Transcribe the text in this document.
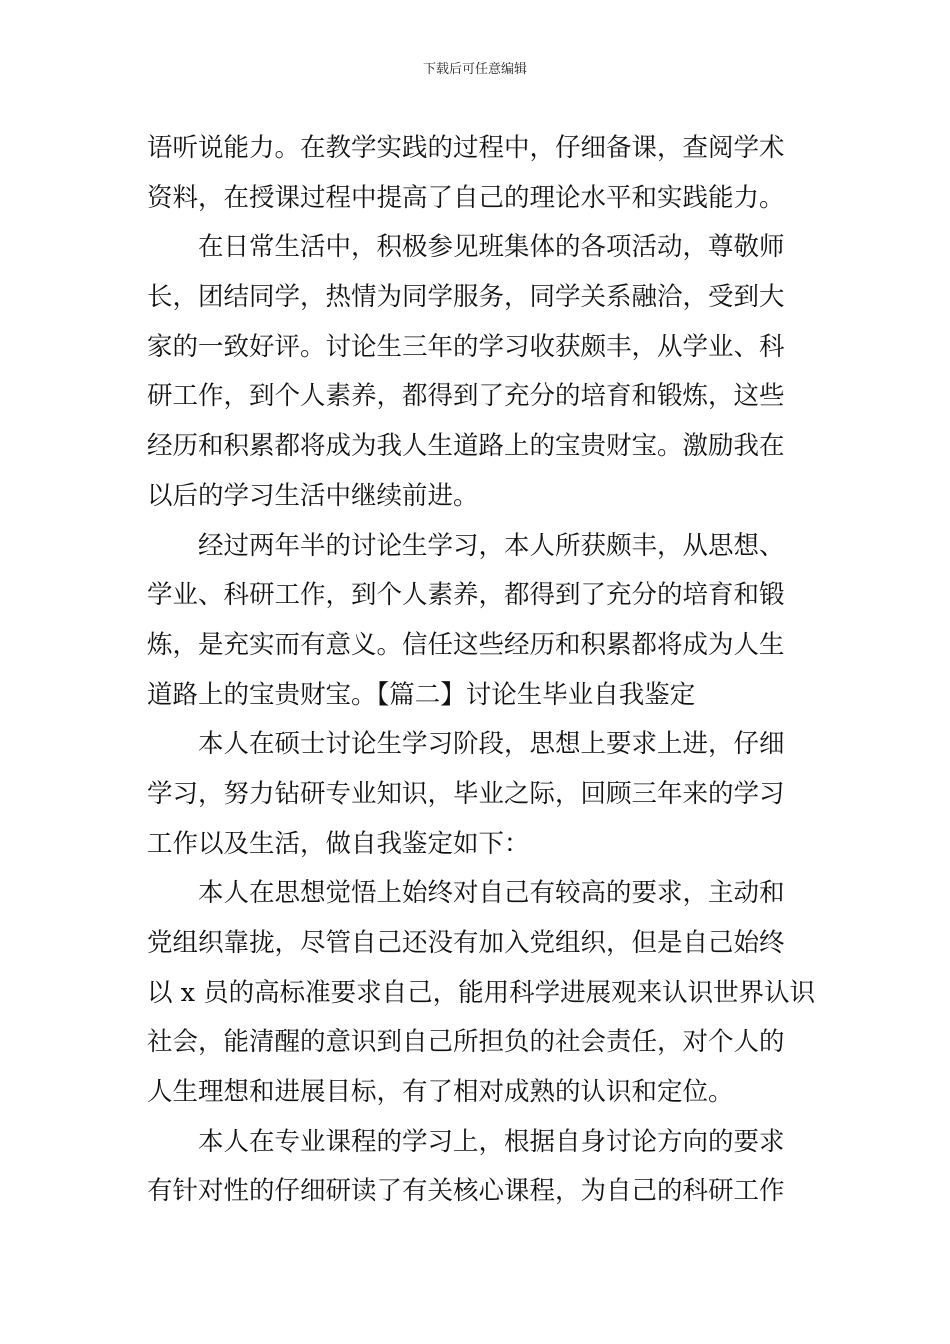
下载后可任意编辑
语听说能力。在教学实践的过程中，仔细备课，查阅学术
资料，在授课过程中提高了自己的理论水平和实践能力。
在日常生活中，积极参见班集体的各项活动，尊敬师
长，团结同学，热情为同学服务，同学关系融洽，受到大
家的一致好评。讨论生三年的学习收获颇丰，从学业、科
研工作，到个人素养，都得到了充分的培育和锻炼，这些
经历和积累都将成为我人生道路上的宝贵财宝。激励我在
以后的学习生活中继续前进。
经过两年半的讨论生学习，本人所获颇丰，从思想、
学业、科研工作，到个人素养，都得到了充分的培育和锻
炼，是充实而有意义。信任这些经历和积累都将成为人生
道路上的宝贵财宝。【篇二】讨论生毕业自我鉴定
本人在硕士讨论生学习阶段，思想上要求上进，仔细
学习，努力钻研专业知识，毕业之际，回顾三年来的学习
工作以及生活，做自我鉴定如下：
本人在思想觉悟上始终对自己有较高的要求，主动和
党组织靠拢，尽管自己还没有加入党组织，但是自己始终
以 x 员的高标准要求自己，能用科学进展观来认识世界认识
社会，能清醒的意识到自己所担负的社会责任，对个人的
人生理想和进展目标，有了相对成熟的认识和定位。
本人在专业课程的学习上，根据自身讨论方向的要求
有针对性的仔细研读了有关核心课程，为自己的科研工作
